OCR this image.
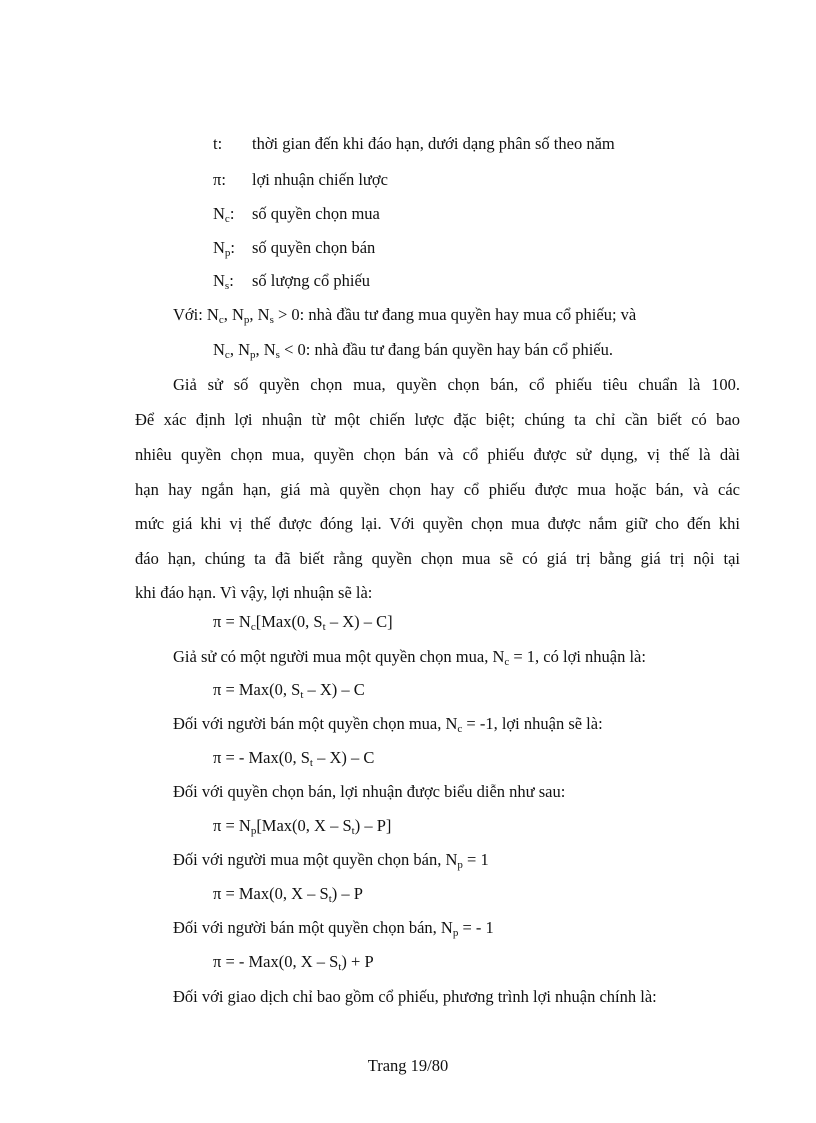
t: thời gian đến khi đáo hạn, dưới dạng phân số theo năm
π: lợi nhuận chiến lược
$N_c$: số quyền chọn mua
$N_p$: số quyền chọn bán
$N_s$: số lượng cổ phiếu
Với: $N_c$, $N_p$, $N_s > 0$: nhà đầu tư đang mua quyền hay mua cổ phiếu; và
$N_c$, $N_p$, $N_s < 0$: nhà đầu tư đang bán quyền hay bán cổ phiếu.
Giả sử số quyền chọn mua, quyền chọn bán, cổ phiếu tiêu chuẩn là 100.
Để xác định lợi nhuận từ một chiến lược đặc biệt; chúng ta chỉ cần biết có bao
nhiêu quyền chọn mua, quyền chọn bán và cổ phiếu được sử dụng, vị thế là dài
hạn hay ngắn hạn, giá mà quyền chọn hay cổ phiếu được mua hoặc bán, và các
mức giá khi vị thế được đóng lại. Với quyền chọn mua được nắm giữ cho đến khi
đáo hạn, chúng ta đã biết rằng quyền chọn mua sẽ có giá trị bằng giá trị nội tại
khi đáo hạn. Vì vậy, lợi nhuận sẽ là:
$\pi = N_c[Max(0$, $S_t - X) - C$]
Giả sử có một người mua một quyền chọn mua, $N_c = 1$, có lợi nhuận là:
π = Max(0, $S_t - X$) – C
Đối với người bán một quyền chọn mua, $N_c = -1$, lợi nhuận sẽ là:
π = - Max(0, $S_t - X$) – C
Đối với quyền chọn bán, lợi nhuận được biểu diễn như sau:
$\pi = N_p[Max(0$, X – $S_t) - P$]
Đối với người mua một quyền chọn bán, $N_p = 1$
π = Max(0, X – $S_t$) – P
Đối với người bán một quyền chọn bán, $N_p$ = - 1
π = - Max(0, $X - S_t) + P$
Đối với giao dịch chỉ bao gồm cổ phiếu, phương trình lợi nhuận chính là:
Trang 19/80
